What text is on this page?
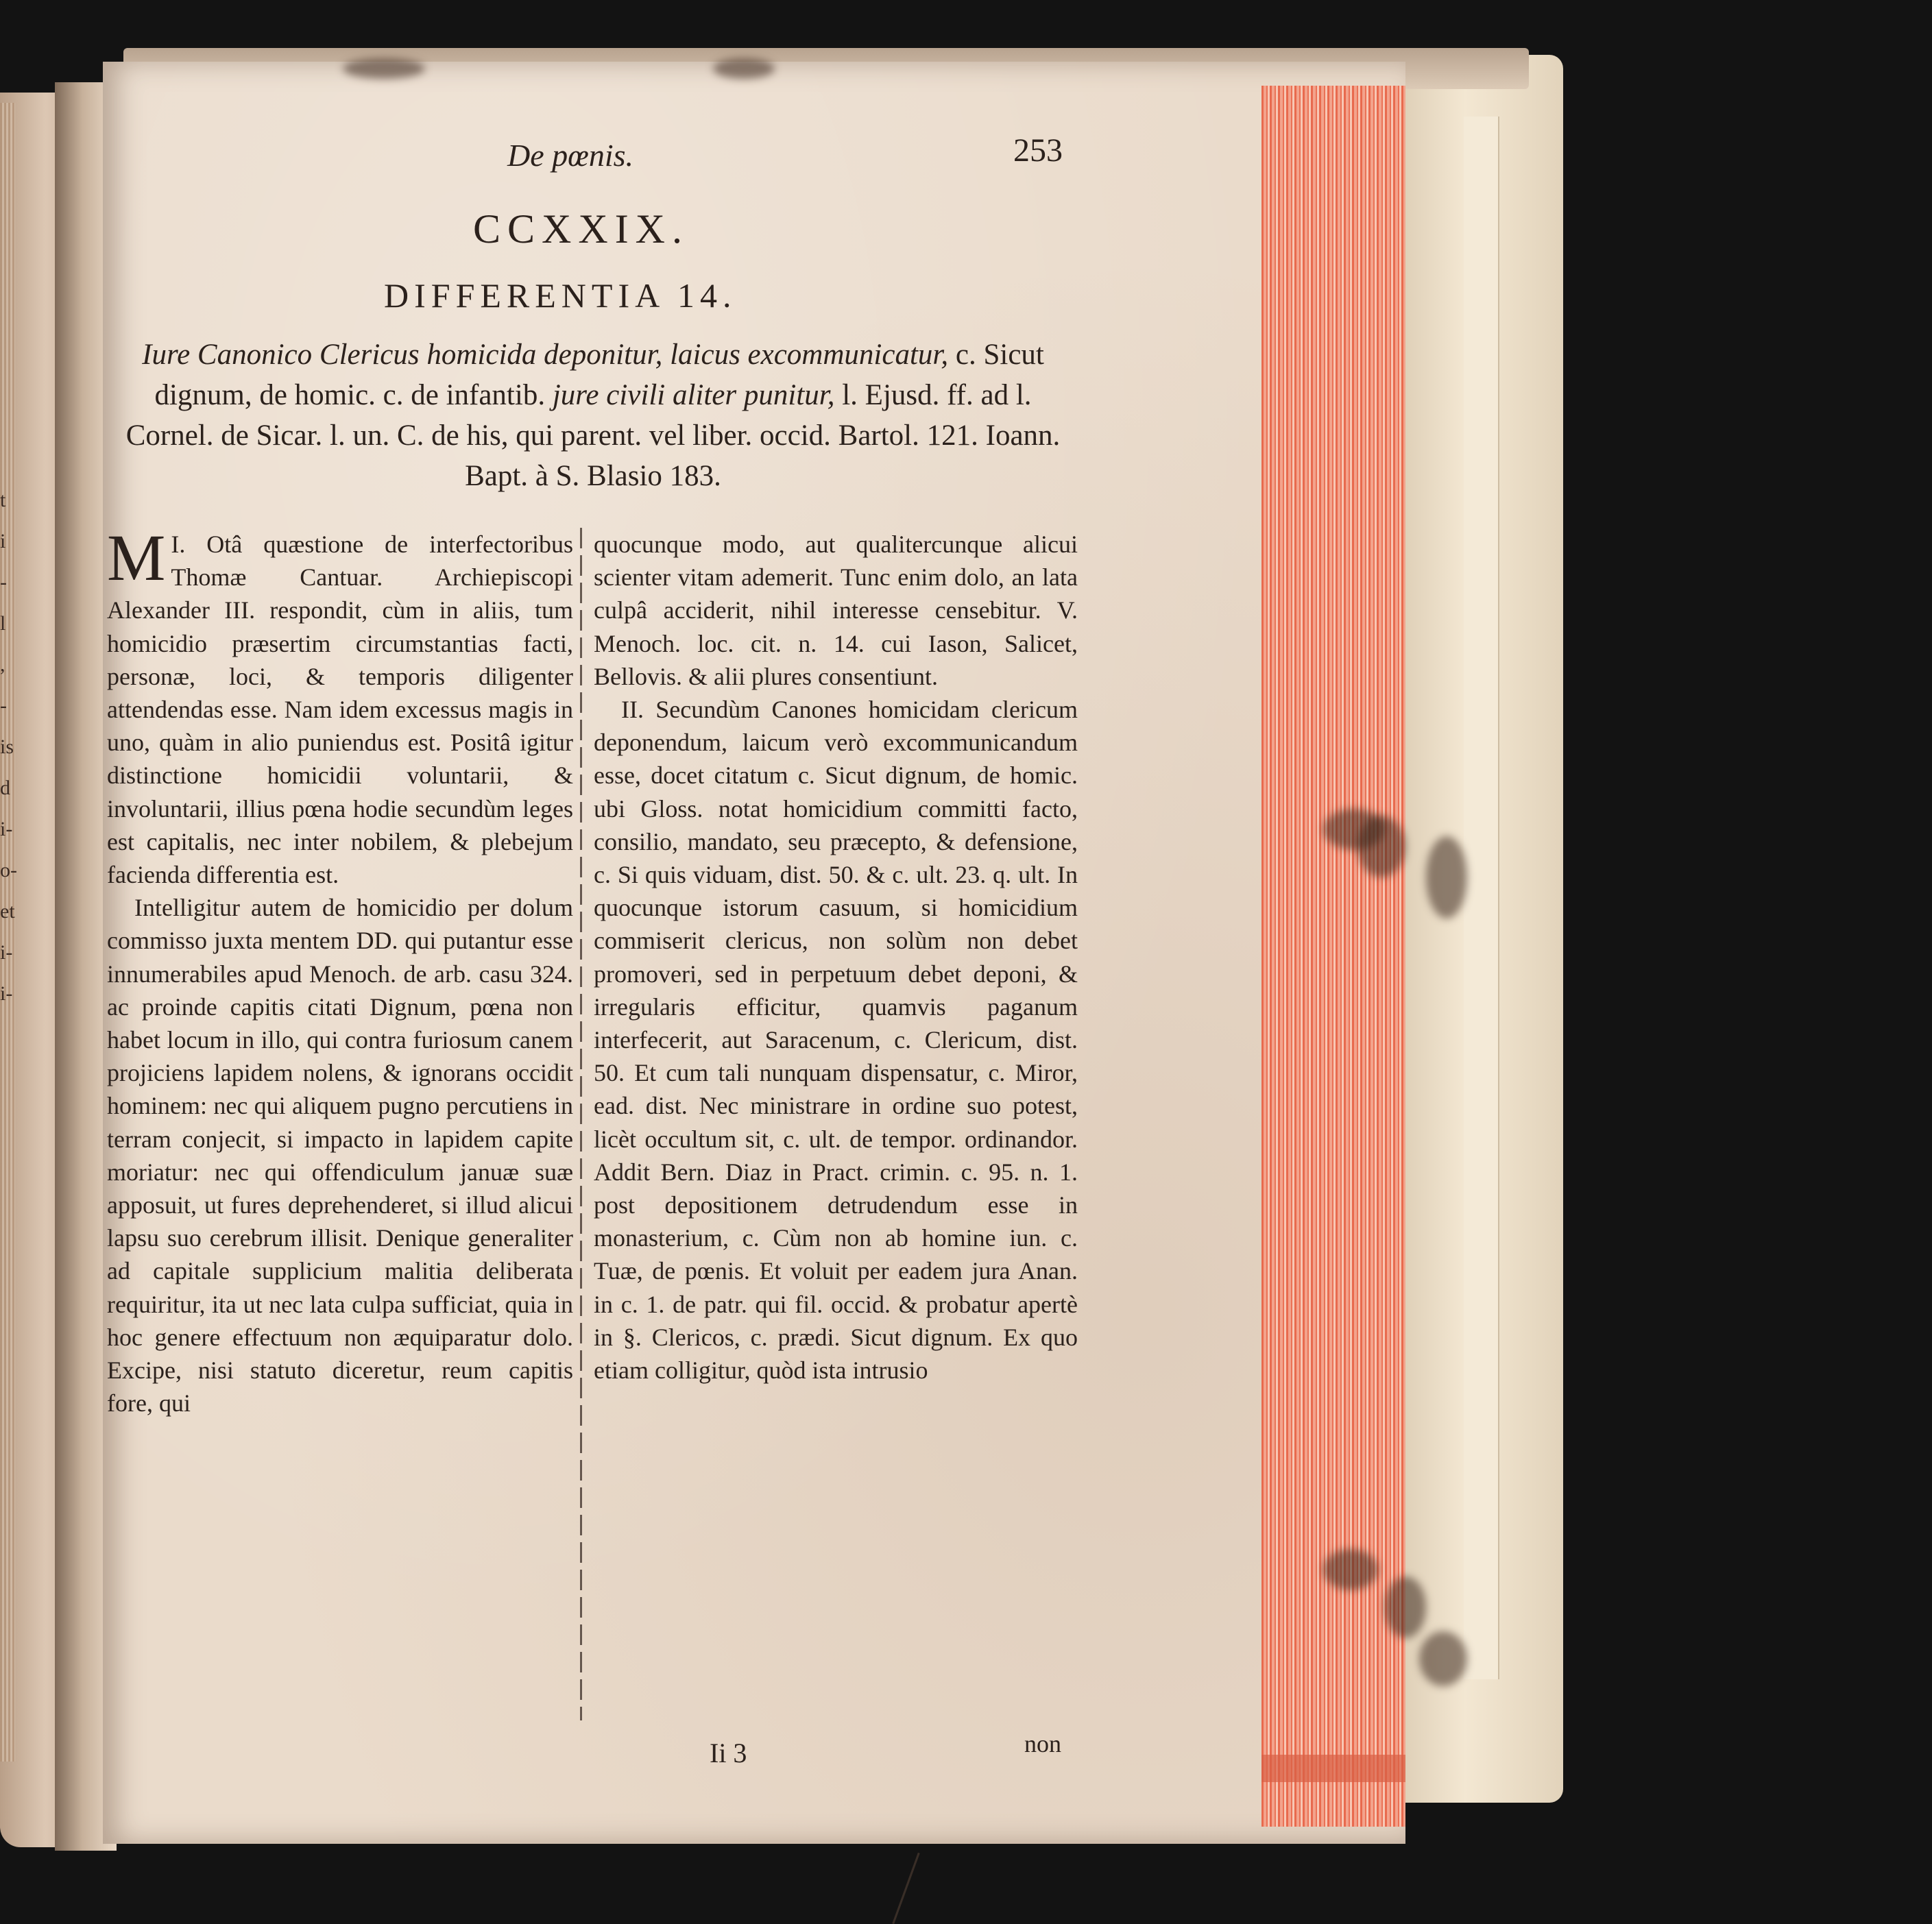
t
i
-
l
,
-
is
d
i-
o-
et
i-
i-
De pœnis.	253
CCXXIX.
DIFFERENTIA 14.
Iure Canonico Clericus homicida deponitur, laicus excommunicatur, c. Sicut dignum, de homic. c. de infantib. jure civili aliter punitur, l. Ejusd. ff. ad l. Cornel. de Sicar. l. un. C. de his, qui parent. vel liber. occid. Bartol. 121. Ioann. Bapt. à S. Blasio 183.

I.
M Otâ quæstione de interfectoribus Thomæ Cantuar. Archiepiscopi Alexander III. respondit, cùm in aliis, tum homicidio præsertim circumstantias facti, personæ, loci, & temporis diligenter attendendas esse. Nam idem excessus magis in uno, quàm in alio puniendus est. Positâ igitur distinctione homicidii voluntarii, & involuntarii, illius pœna hodie secundùm leges est capitalis, nec inter nobilem, & plebejum facienda differentia est.

Intelligitur autem de homicidio per dolum commisso juxta mentem DD. qui putantur esse innumerabiles apud Menoch. de arb. casu 324. ac proinde capitis citati Dignum, pœna non habet locum in illo, qui contra furiosum canem projiciens lapidem nolens, & ignorans occidit hominem: nec qui aliquem pugno percutiens in terram conjecit, si impacto in lapidem capite moriatur: nec qui offendiculum januæ suæ apposuit, ut fures deprehenderet, si illud alicui lapsu suo cerebrum illisit. Denique generaliter ad capitale supplicium malitia deliberata requiritur, ita ut nec lata culpa sufficiat, quia in hoc genere effectuum non æquiparatur dolo. Excipe, nisi statuto diceretur, reum capitis fore, qui

quocunque modo, aut qualitercunque alicui scienter vitam ademerit. Tunc enim dolo, an lata culpâ acciderit, nihil interesse censebitur. V. Menoch. loc. cit. n. 14. cui Iason, Salicet, Bellovis. & alii plures consentiunt.

II. Secundùm Canones homicidam clericum deponendum, laicum verò excommunicandum esse, docet citatum c. Sicut dignum, de homic. ubi Gloss. notat homicidium committi facto, consilio, mandato, seu præcepto, & defensione, c. Si quis viduam, dist. 50. & c. ult. 23. q. ult. In quocunque istorum casuum, si homicidium commiserit clericus, non solùm non debet promoveri, sed in perpetuum debet deponi, & irregularis efficitur, quamvis paganum interfecerit, aut Saracenum, c. Clericum, dist. 50. Et cum tali nunquam dispensatur, c. Miror, ead. dist. Nec ministrare in ordine suo potest, licèt occultum sit, c. ult. de tempor. ordinandor. Addit Bern. Diaz in Pract. crimin. c. 95. n. 1. post depositionem detrudendum esse in monasterium, c. Cùm non ab homine iun. c. Tuæ, de pœnis. Et voluit per eadem jura Anan. in c. 1. de patr. qui fil. occid. & probatur apertè in §. Clericos, c. prædi. Sicut dignum. Ex quo etiam colligitur, quòd ista intrusio

Ii 3	non
